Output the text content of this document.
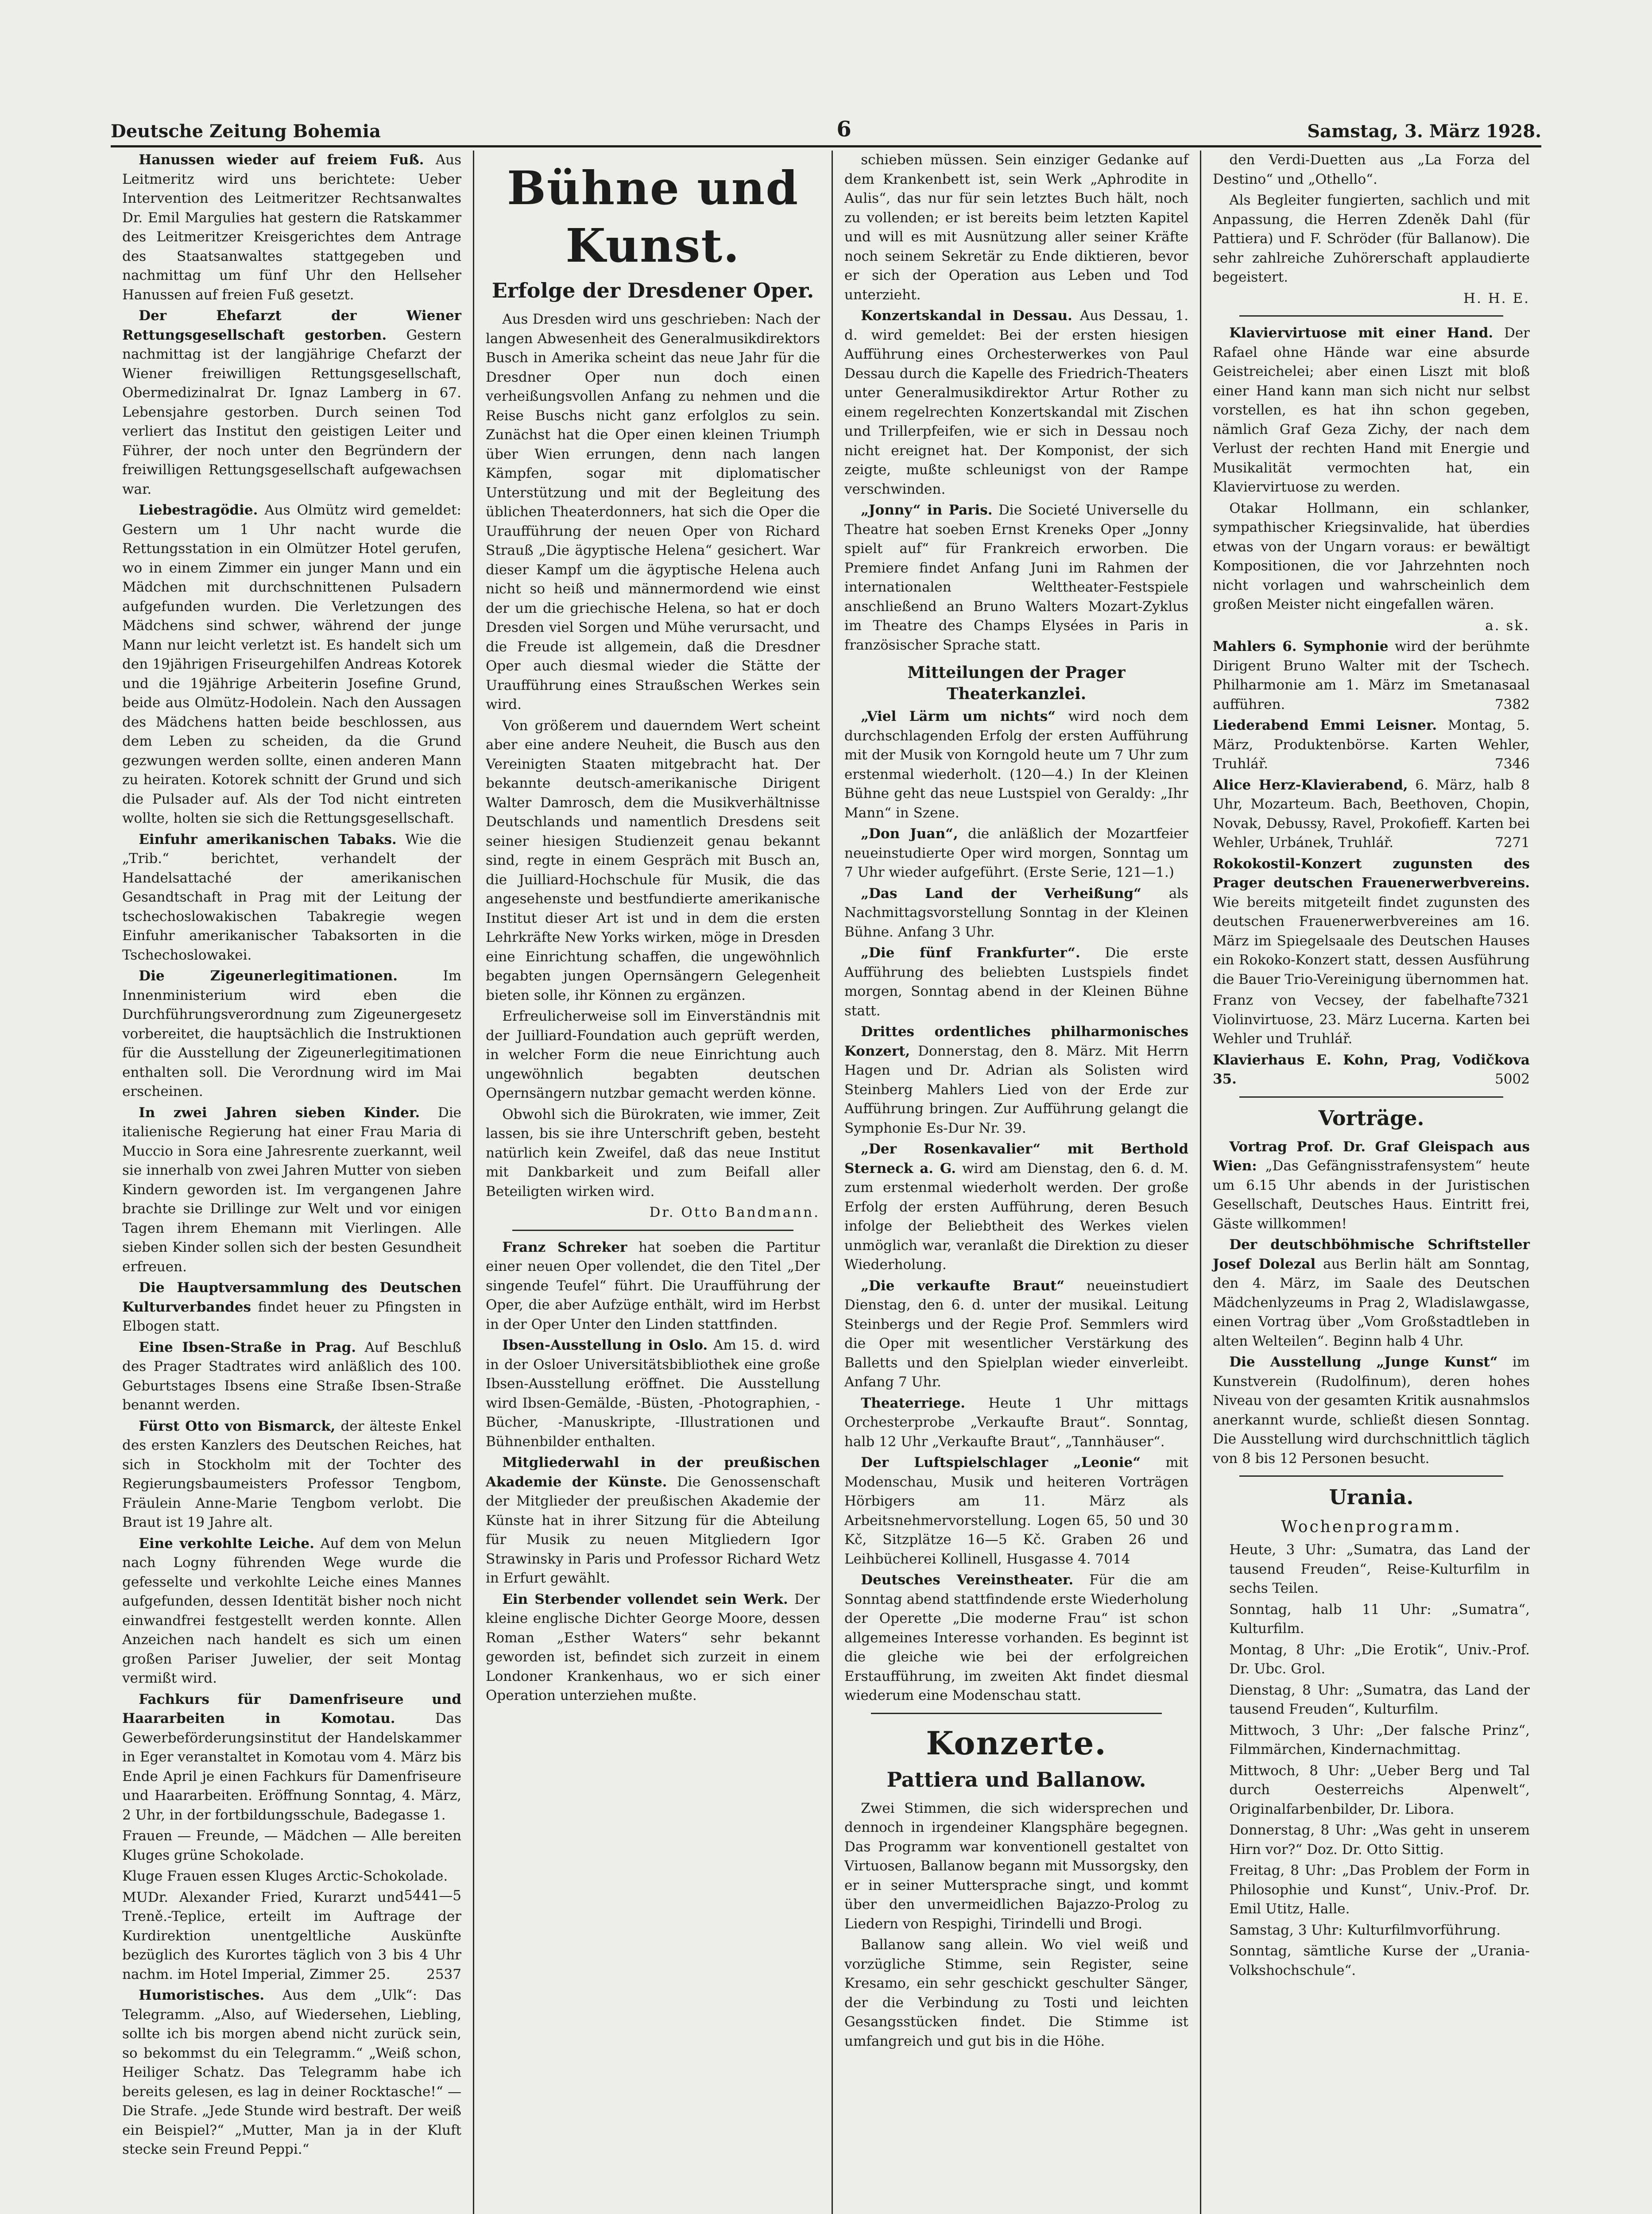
Deutsche Zeitung Bohemia	6	Samstag, 3. März 1928.

Hanussen wieder auf freiem Fuß. Aus Leitmeritz wird uns berichtete: Ueber Intervention des Leitmeritzer Rechtsanwaltes Dr. Emil Margulies hat gestern die Ratskammer des Leitmeritzer Kreisgerichtes dem Antrage des Staatsanwaltes stattgegeben und nachmittag um fünf Uhr den Hellseher Hanussen auf freien Fuß gesetzt.

Der Ehefarzt der Wiener Rettungsgesellschaft gestorben. Gestern nachmittag ist der langjährige Chefarzt der Wiener freiwilligen Rettungsgesellschaft, Obermedizinalrat Dr. Ignaz Lamberg in 67. Lebensjahre gestorben. Durch seinen Tod verliert das Institut den geistigen Leiter und Führer, der noch unter den Begründern der freiwilligen Rettungsgesellschaft aufgewachsen war.

Liebestragödie. Aus Olmütz wird gemeldet: Gestern um 1 Uhr nacht wurde die Rettungsstation in ein Olmützer Hotel gerufen, wo in einem Zimmer ein junger Mann und ein Mädchen mit durchschnittenen Pulsadern aufgefunden wurden. Die Verletzungen des Mädchens sind schwer, während der junge Mann nur leicht verletzt ist. Es handelt sich um den 19jährigen Friseurgehilfen Andreas Kotorek und die 19jährige Arbeiterin Josefine Grund, beide aus Olmütz-Hodolein. Nach den Aussagen des Mädchens hatten beide beschlossen, aus dem Leben zu scheiden, da die Grund gezwungen werden sollte, einen anderen Mann zu heiraten. Kotorek schnitt der Grund und sich die Pulsader auf. Als der Tod nicht eintreten wollte, holten sie sich die Rettungsgesellschaft.

Einfuhr amerikanischen Tabaks. Wie die „Trib.“ berichtet, verhandelt der Handelsattaché der amerikanischen Gesandtschaft in Prag mit der Leitung der tschechoslowakischen Tabakregie wegen Einfuhr amerikanischer Tabaksorten in die Tschechoslowakei.

Die Zigeunerlegitimationen.	Im Innenministerium wird eben die Durchführungsverordnung zum Zigeunergesetz vorbereitet, die hauptsächlich die Instruktionen für die Ausstellung der Zigeunerlegitimationen enthalten soll. Die Verordnung wird im Mai erscheinen.

In zwei Jahren sieben Kinder. Die italienische Regierung hat einer Frau Maria di Muccio in Sora eine Jahresrente zuerkannt, weil sie innerhalb von zwei Jahren Mutter von sieben Kindern geworden ist. Im vergangenen Jahre brachte sie Drillinge zur Welt und vor einigen Tagen ihrem Ehemann mit Vierlingen. Alle sieben Kinder sollen sich der besten Gesundheit erfreuen.

Die Hauptversammlung des Deutschen Kulturverbandes findet heuer zu Pfingsten in Elbogen statt.

Eine Ibsen-Straße in Prag. Auf Beschluß des Prager Stadtrates wird anläßlich des 100. Geburtstages Ibsens eine Straße Ibsen-Straße benannt werden.

Fürst Otto von Bismarck, der älteste Enkel des ersten Kanzlers des Deutschen Reiches, hat sich in Stockholm mit der Tochter des Regierungsbaumeisters Professor Tengbom, Fräulein Anne-Marie Tengbom verlobt. Die Braut ist 19 Jahre alt.

Eine verkohlte Leiche. Auf dem von Melun nach Logny führenden Wege wurde die gefesselte und verkohlte Leiche eines Mannes aufgefunden, dessen Identität bisher noch nicht einwandfrei festgestellt werden konnte. Allen Anzeichen nach handelt es sich um einen großen Pariser Juwelier, der seit Montag vermißt wird.

Fachkurs für Damenfriseure und Haararbeiten in Komotau.	Das Gewerbeförderungsinstitut der Handelskammer in Eger veranstaltet in Komotau vom 4. März bis Ende April je einen Fachkurs für Damenfriseure und Haararbeiten. Eröffnung Sonntag, 4. März, 2 Uhr, in der fortbildungsschule, Badegasse 1.

Frauen — Freunde, — Mädchen — Alle bereiten Kluges grüne Schokolade.

Kluge Frauen essen Kluges Arctic-Schokolade.
5441—5

MUDr. Alexander Fried, Kurarzt und Treně.-Teplice, erteilt im Auftrage der Kurdirektion unentgeltliche Auskünfte bezüglich des Kurortes täglich von 3 bis 4 Uhr nachm. im Hotel Imperial, Zimmer 25.	2537

Humoristisches. Aus dem „Ulk“: Das Telegramm. „Also, auf Wiedersehen, Liebling, sollte ich bis morgen abend nicht zurück sein, so bekommst du ein Telegramm.“ „Weiß schon, Heiliger Schatz. Das Telegramm habe ich bereits gelesen, es lag in deiner Rocktasche!“ — Die Strafe. „Jede Stunde wird bestraft. Der weiß ein Beispiel?“ „Mutter, Man ja in der Kluft stecke sein Freund Peppi.“

Bühne und Kunst.
Erfolge der Dresdener Oper.

Aus Dresden wird uns geschrieben: Nach der langen Abwesenheit des Generalmusikdirektors Busch in Amerika scheint das neue Jahr für die Dresdner Oper nun doch einen verheißungsvollen Anfang zu nehmen und die Reise Buschs nicht ganz erfolglos zu sein. Zunächst hat die Oper einen kleinen Triumph über Wien errungen, denn nach langen Kämpfen, sogar mit diplomatischer Unterstützung und mit der Begleitung des üblichen Theaterdonners, hat sich die Oper die Uraufführung der neuen Oper von Richard Strauß „Die ägyptische Helena“ gesichert. War dieser Kampf um die ägyptische Helena auch nicht so heiß und männermordend wie einst der um die griechische Helena, so hat er doch Dresden viel Sorgen und Mühe verursacht, und die Freude ist allgemein, daß die Dresdner Oper auch diesmal wieder die Stätte der Uraufführung eines Straußschen Werkes sein wird.

Von größerem und dauerndem Wert scheint aber eine andere Neuheit, die Busch aus den Vereinigten Staaten mitgebracht hat. Der bekannte deutsch-amerikanische Dirigent Walter Damrosch, dem die Musikverhältnisse Deutschlands und namentlich Dresdens seit seiner hiesigen Studienzeit genau bekannt sind, regte in einem Gespräch mit Busch an, die Juilliard-Hochschule für Musik, die das angesehenste und bestfundierte amerikanische Institut dieser Art ist und in dem die ersten Lehrkräfte New Yorks wirken, möge in Dresden eine Einrichtung schaffen, die ungewöhnlich begabten jungen Opernsängern Gelegenheit bieten solle, ihr Können zu ergänzen.

Erfreulicherweise soll im Einverständnis mit der Juilliard-Foundation auch geprüft werden, in welcher Form die neue Einrichtung auch ungewöhnlich begabten deutschen Opernsängern nutzbar gemacht werden könne.

Obwohl sich die Bürokraten, wie immer, Zeit lassen, bis sie ihre Unterschrift geben, besteht natürlich kein Zweifel, daß das neue Institut mit Dankbarkeit und zum Beifall aller Beteiligten wirken wird.

Dr. Otto Bandmann.

Franz Schreker hat soeben die Partitur einer neuen Oper vollendet, die den Titel „Der singende Teufel“ führt. Die Uraufführung der Oper, die aber Aufzüge enthält, wird im Herbst in der Oper Unter den Linden stattfinden.

Ibsen-Ausstellung in Oslo. Am 15. d. wird in der Osloer Universitätsbibliothek eine große Ibsen-Ausstellung eröffnet. Die Ausstellung wird Ibsen-Gemälde, -Büsten, -Photographien, -Bücher, -Manuskripte, -Illustrationen und Bühnenbilder enthalten.

Mitgliederwahl in der preußischen Akademie der Künste. Die Genossenschaft der Mitglieder der preußischen Akademie der Künste hat in ihrer Sitzung für die Abteilung für Musik zu neuen Mitgliedern Igor Strawinsky in Paris und Professor Richard Wetz in Erfurt gewählt.

Ein Sterbender vollendet sein Werk. Der kleine englische Dichter George Moore, dessen Roman „Esther Waters“ sehr bekannt geworden ist, befindet sich zurzeit in einem Londoner Krankenhaus, wo er sich einer Operation unterziehen mußte.

schieben müssen. Sein einziger Gedanke auf dem Krankenbett ist, sein Werk „Aphrodite in Aulis“, das nur für sein letztes Buch hält, noch zu vollenden; er ist bereits beim letzten Kapitel und will es mit Ausnützung aller seiner Kräfte noch seinem Sekretär zu Ende diktieren, bevor er sich der Operation aus Leben und Tod unterzieht.

Konzertskandal in Dessau. Aus Dessau, 1. d. wird gemeldet: Bei der ersten hiesigen Aufführung eines Orchesterwerkes von Paul Dessau durch die Kapelle des Friedrich-Theaters unter Generalmusikdirektor Artur Rother zu einem regelrechten Konzertskandal mit Zischen und Trillerpfeifen, wie er sich in Dessau noch nicht ereignet hat. Der Komponist, der sich zeigte, mußte schleunigst von der Rampe verschwinden.

„Jonny“ in Paris. Die Societé Universelle du Theatre hat soeben Ernst Kreneks Oper „Jonny spielt auf“ für Frankreich erworben. Die Premiere findet Anfang Juni im Rahmen der internationalen Welttheater-Festspiele anschließend an Bruno Walters Mozart-Zyklus im Theatre des Champs Elysées in Paris in französischer Sprache statt.

Mitteilungen der Prager Theaterkanzlei.

„Viel Lärm um nichts“ wird noch dem durchschlagenden Erfolg der ersten Aufführung mit der Musik von Korngold heute um 7 Uhr zum erstenmal wiederholt. (120—4.) In der Kleinen Bühne geht das neue Lustspiel von Geraldy: „Ihr Mann“ in Szene.

„Don Juan“, die anläßlich der Mozartfeier neueinstudierte Oper wird morgen, Sonntag um 7 Uhr wieder aufgeführt. (Erste Serie, 121—1.)

„Das Land der Verheißung“ als Nachmittagsvorstellung Sonntag in der Kleinen Bühne. Anfang 3 Uhr.

„Die fünf Frankfurter“. Die erste Aufführung des beliebten Lustspiels findet morgen, Sonntag abend in der Kleinen Bühne statt.

Drittes ordentliches philharmonisches Konzert, Donnerstag, den 8. März. Mit Herrn Hagen und Dr. Adrian als Solisten wird Steinberg Mahlers Lied von der Erde zur Aufführung bringen. Zur Aufführung gelangt die Symphonie Es-Dur Nr. 39.

„Der Rosenkavalier“ mit Berthold Sterneck a. G. wird am Dienstag, den 6. d. M. zum erstenmal wiederholt werden. Der große Erfolg der ersten Aufführung, deren Besuch infolge der Beliebtheit des Werkes vielen unmöglich war, veranlaßt die Direktion zu dieser Wiederholung.

„Die verkaufte Braut“ neueinstudiert Dienstag, den 6. d. unter der musikal. Leitung Steinbergs und der Regie Prof. Semmlers wird die Oper mit wesentlicher Verstärkung des Balletts und den Spielplan wieder einverleibt. Anfang 7 Uhr.

Theaterriege. Heute 1 Uhr mittags Orchesterprobe „Verkaufte Braut“. Sonntag, halb 12 Uhr „Verkaufte Braut“, „Tannhäuser“.

Der Luftspielschlager „Leonie“ mit Modenschau, Musik und heiteren Vorträgen Hörbigers am 11. März als Arbeitsnehmervorstellung. Logen 65, 50 und 30 Kč, Sitzplätze 16—5 Kč. Graben 26 und Leihbücherei Kollinell, Husgasse 4. 7014

Deutsches Vereinstheater. Für die am Sonntag abend stattfindende erste Wiederholung der Operette „Die moderne Frau“ ist schon allgemeines Interesse vorhanden. Es beginnt ist die gleiche wie bei der erfolgreichen Erstaufführung, im zweiten Akt findet diesmal wiederum eine Modenschau statt.

Konzerte.
Pattiera und Ballanow.

Zwei Stimmen, die sich widersprechen und dennoch in irgendeiner Klangsphäre begegnen. Das Programm war konventionell gestaltet von Virtuosen, Ballanow begann mit Mussorgsky, den er in seiner Muttersprache singt, und kommt über den unvermeidlichen Bajazzo-Prolog zu Liedern von Respighi, Tirindelli und Brogi.

Ballanow sang allein. Wo viel weiß und vorzügliche Stimme, sein Register, seine Kresamo, ein sehr geschickt geschulter Sänger, der die Verbindung zu Tosti und leichten Gesangsstücken findet. Die Stimme ist umfangreich und gut bis in die Höhe.

den Verdi-Duetten aus „La Forza del Destino“ und „Othello“.

Als Begleiter fungierten, sachlich und mit Anpassung, die Herren Zdeněk Dahl (für Pattiera) und F. Schröder (für Ballanow). Die sehr zahlreiche Zuhörerschaft applaudierte begeistert.

H. H. E.

Klaviervirtuose mit einer Hand. Der Rafael ohne Hände war eine absurde Geistreichelei; aber einen Liszt mit bloß einer Hand kann man sich nicht nur selbst vorstellen, es hat ihn schon gegeben, nämlich Graf Geza Zichy, der nach dem Verlust der rechten Hand mit Energie und Musikalität vermochten hat, ein Klaviervirtuose zu werden.

Otakar Hollmann, ein schlanker, sympathischer Kriegsinvalide, hat überdies etwas von der Ungarn voraus: er bewältigt Kompositionen, die vor Jahrzehnten noch nicht vorlagen und wahrscheinlich dem großen Meister nicht eingefallen wären.

a. sk.

Mahlers 6. Symphonie wird der berühmte Dirigent Bruno Walter mit der Tschech. Philharmonie am 1. März im Smetanasaal aufführen.	7382

Liederabend Emmi Leisner. Montag, 5. März, Produktenbörse. Karten Wehler, Truhlář.	7346

Alice Herz-Klavierabend, 6. März, halb 8 Uhr, Mozarteum. Bach, Beethoven, Chopin, Novak, Debussy, Ravel, Prokofieff. Karten bei Wehler, Urbánek, Truhlář.	7271

Rokokostil-Konzert zugunsten des Prager deutschen Frauenerwerbvereins. Wie bereits mitgeteilt findet zugunsten des deutschen Frauenerwerbvereines am 16. März im Spiegelsaale des Deutschen Hauses ein Rokoko-Konzert statt, dessen Ausführung die Bauer Trio-Vereinigung übernommen hat.
7321

Franz von Vecsey, der fabelhafte Violinvirtuose, 23. März Lucerna. Karten bei Wehler und Truhlář.

Klavierhaus E. Kohn, Prag, Vodičkova 35.	5002

Vorträge.

Vortrag Prof. Dr. Graf Gleispach aus Wien: „Das Gefängnisstrafensystem“ heute um 6.15 Uhr abends in der Juristischen Gesellschaft, Deutsches Haus. Eintritt frei, Gäste willkommen!

Der deutschböhmische Schriftsteller Josef Dolezal aus Berlin hält am Sonntag, den 4. März, im Saale des Deutschen Mädchenlyzeums in Prag 2, Wladislawgasse, einen Vortrag über „Vom Großstadtleben in alten Welteilen“. Beginn halb 4 Uhr.

Die Ausstellung „Junge Kunst“ im Kunstverein (Rudolfinum), deren hohes Niveau von der gesamten Kritik ausnahmslos anerkannt wurde, schließt diesen Sonntag. Die Ausstellung wird durchschnittlich täglich von 8 bis 12 Personen besucht.

Urania.
Wochenprogramm.

Heute, 3 Uhr: „Sumatra, das Land der tausend Freuden“, Reise-Kulturfilm in sechs Teilen.

Sonntag, halb 11 Uhr: „Sumatra“, Kulturfilm.

Montag, 8 Uhr: „Die Erotik“, Univ.-Prof. Dr. Ubc. Grol.

Dienstag, 8 Uhr: „Sumatra, das Land der tausend Freuden“, Kulturfilm.

Mittwoch, 3 Uhr: „Der falsche Prinz“, Filmmärchen, Kindernachmittag.

Mittwoch, 8 Uhr: „Ueber Berg und Tal durch Oesterreichs Alpenwelt“, Originalfarbenbilder, Dr. Libora.

Donnerstag, 8 Uhr: „Was geht in unserem Hirn vor?“ Doz. Dr. Otto Sittig.

Freitag, 8 Uhr: „Das Problem der Form in Philosophie und Kunst“, Univ.-Prof. Dr. Emil Utitz, Halle.

Samstag, 3 Uhr: Kulturfilmvorführung.

Sonntag, sämtliche Kurse der „Urania-Volkshochschule“.
